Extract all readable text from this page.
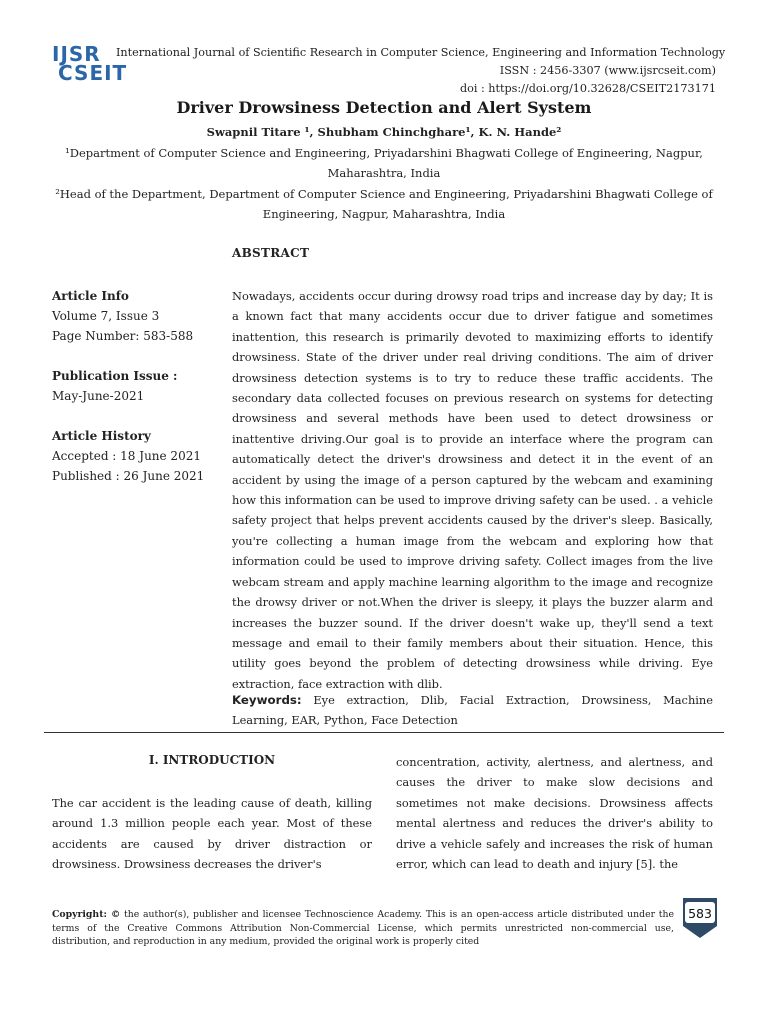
IJSR
CSEIT
International Journal of Scientific Research in Computer Science, Engineering and Information Technology
ISSN : 2456-3307 (www.ijsrcseit.com)
doi : https://doi.org/10.32628/CSEIT2173171
Driver Drowsiness Detection and Alert System
Swapnil Titare ¹, Shubham Chinchghare¹, K. N. Hande²
¹Department of Computer Science and Engineering, Priyadarshini Bhagwati College of Engineering, Nagpur, Maharashtra, India
²Head of the Department, Department of Computer Science and Engineering, Priyadarshini Bhagwati College of Engineering, Nagpur, Maharashtra, India
ABSTRACT
Article Info
Volume 7, Issue 3
Page Number: 583-588
Publication Issue :
May-June-2021
Article History
Accepted : 18 June 2021
Published : 26 June 2021
Nowadays, accidents occur during drowsy road trips and increase day by day; It is a known fact that many accidents occur due to driver fatigue and sometimes inattention, this research is primarily devoted to maximizing efforts to identify drowsiness. State of the driver under real driving conditions. The aim of driver drowsiness detection systems is to try to reduce these traffic accidents. The secondary data collected focuses on previous research on systems for detecting drowsiness and several methods have been used to detect drowsiness or inattentive driving.Our goal is to provide an interface where the program can automatically detect the driver's drowsiness and detect it in the event of an accident by using the image of a person captured by the webcam and examining how this information can be used to improve driving safety can be used. . a vehicle safety project that helps prevent accidents caused by the driver's sleep. Basically, you're collecting a human image from the webcam and exploring how that information could be used to improve driving safety. Collect images from the live webcam stream and apply machine learning algorithm to the image and recognize the drowsy driver or not.When the driver is sleepy, it plays the buzzer alarm and increases the buzzer sound. If the driver doesn't wake up, they'll send a text message and email to their family members about their situation. Hence, this utility goes beyond the problem of detecting drowsiness while driving. Eye extraction, face extraction with dlib.
Keywords: Eye extraction, Dlib, Facial Extraction, Drowsiness, Machine Learning, EAR, Python, Face Detection
I. INTRODUCTION
The car accident is the leading cause of death, killing around 1.3 million people each year. Most of these accidents are caused by driver distraction or drowsiness. Drowsiness decreases the driver's
concentration, activity, alertness, and alertness, and causes the driver to make slow decisions and sometimes not make decisions. Drowsiness affects mental alertness and reduces the driver's ability to drive a vehicle safely and increases the risk of human error, which can lead to death and injury [5]. the
Copyright: © the author(s), publisher and licensee Technoscience Academy. This is an open-access article distributed under the terms of the Creative Commons Attribution Non-Commercial License, which permits unrestricted non-commercial use, distribution, and reproduction in any medium, provided the original work is properly cited
583
